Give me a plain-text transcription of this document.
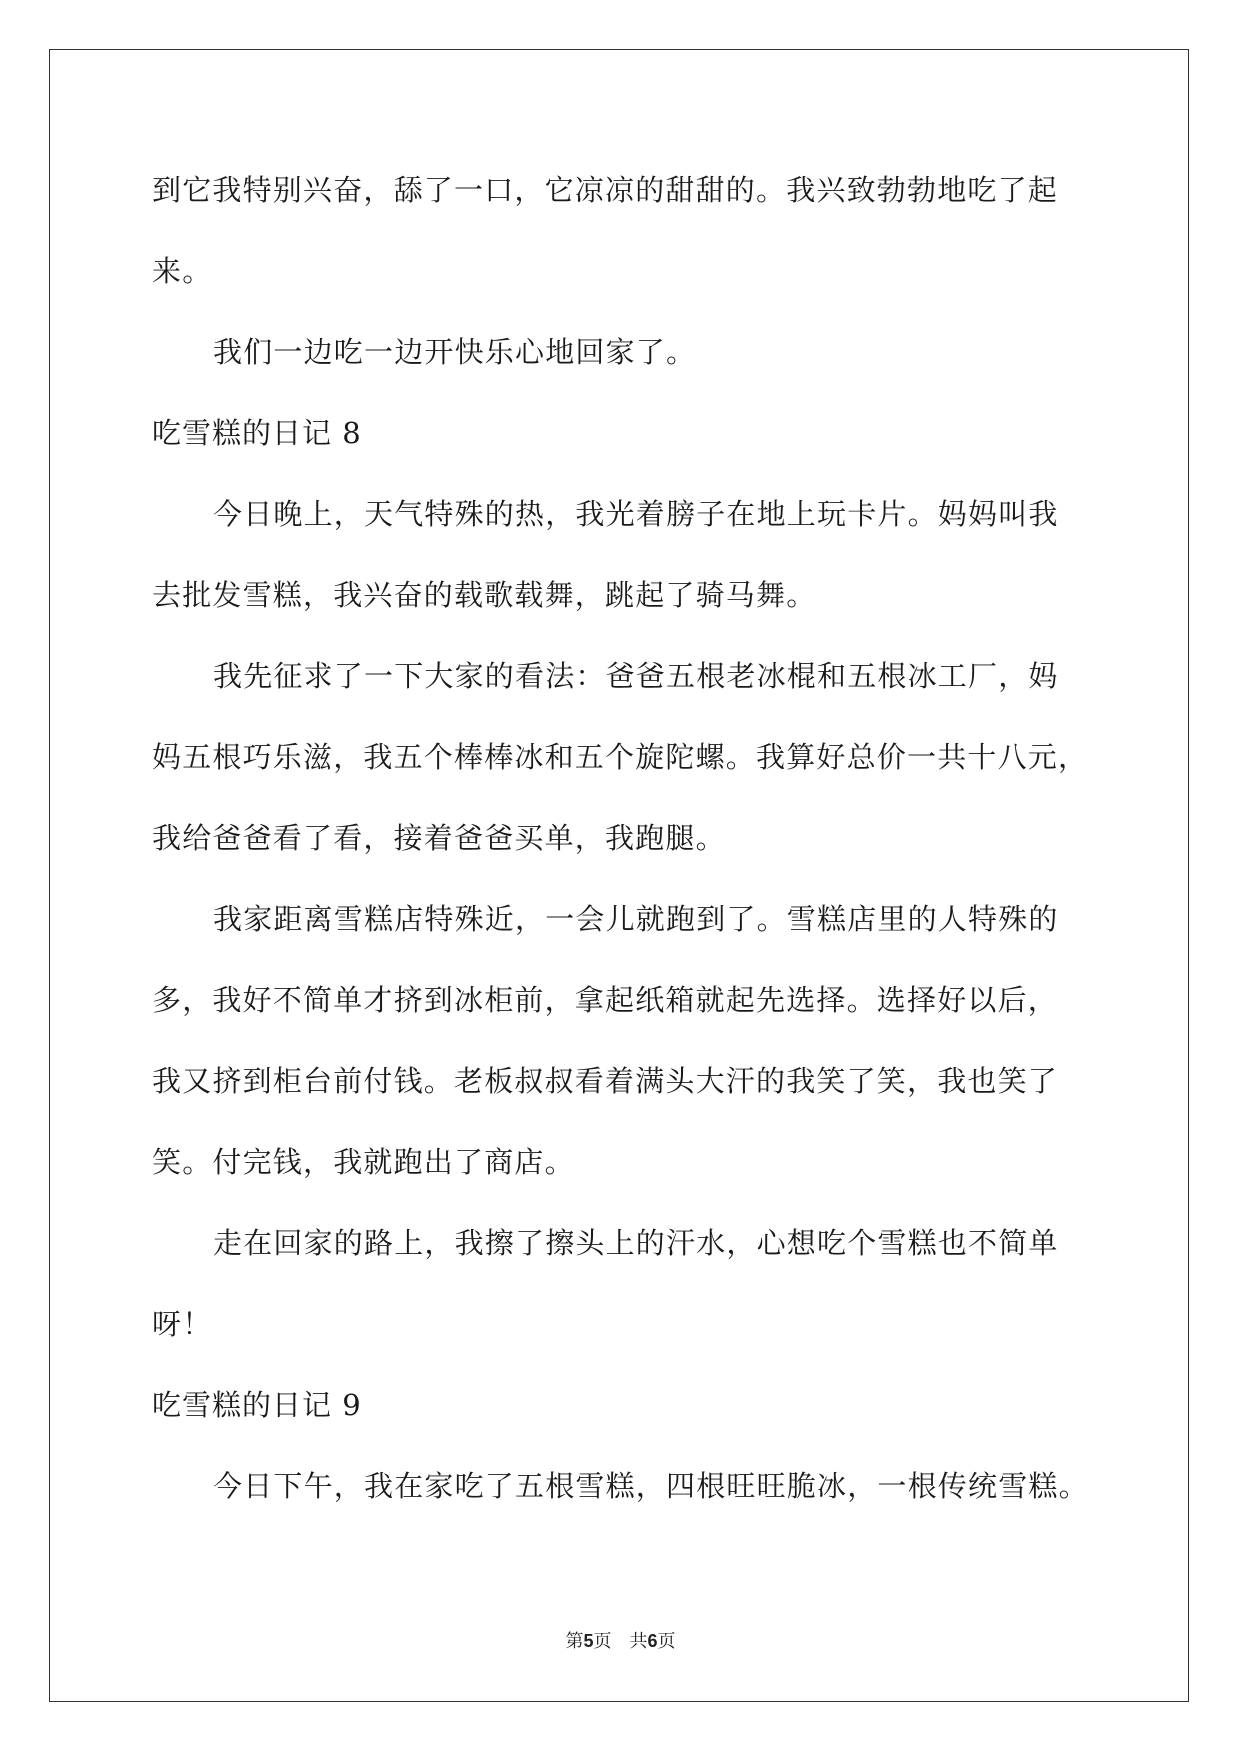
到它我特别兴奋，舔了一口，它凉凉的甜甜的。我兴致勃勃地吃了起
来。
我们一边吃一边开快乐心地回家了。
吃雪糕的日记 8
今日晚上，天气特殊的热，我光着膀子在地上玩卡片。妈妈叫我
去批发雪糕，我兴奋的载歌载舞，跳起了骑马舞。
我先征求了一下大家的看法：爸爸五根老冰棍和五根冰工厂，妈
妈五根巧乐滋，我五个棒棒冰和五个旋陀螺。我算好总价一共十八元，
我给爸爸看了看，接着爸爸买单，我跑腿。
我家距离雪糕店特殊近，一会儿就跑到了。雪糕店里的人特殊的
多，我好不简单才挤到冰柜前，拿起纸箱就起先选择。选择好以后，
我又挤到柜台前付钱。老板叔叔看着满头大汗的我笑了笑，我也笑了
笑。付完钱，我就跑出了商店。
走在回家的路上，我擦了擦头上的汗水，心想吃个雪糕也不简单
呀！
吃雪糕的日记 9
今日下午，我在家吃了五根雪糕，四根旺旺脆冰，一根传统雪糕。
第5页 共6页
